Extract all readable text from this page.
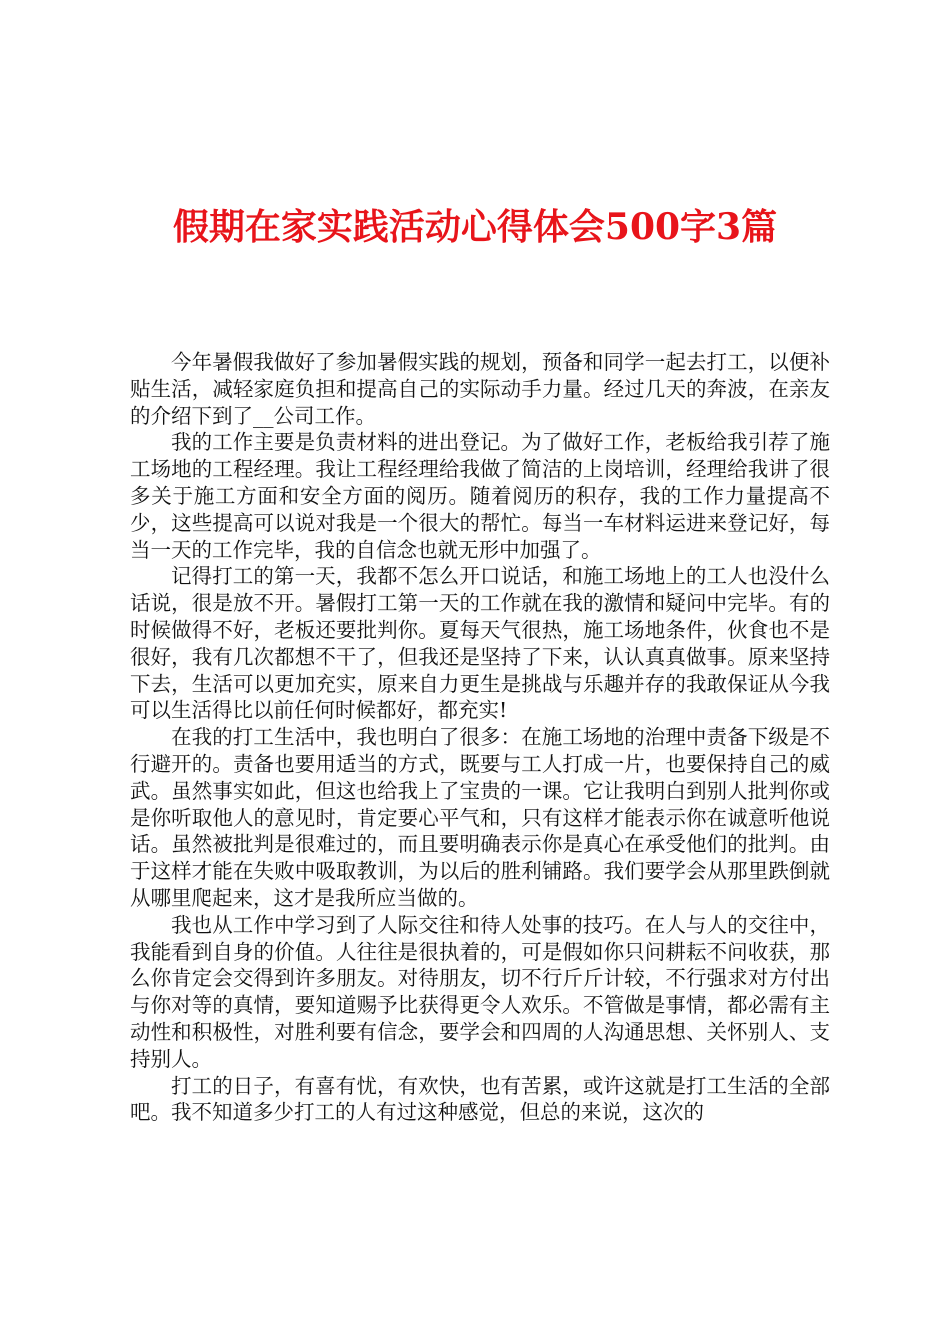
假期在家实践活动心得体会500字3篇

今年暑假我做好了参加暑假实践的规划，预备和同学一起去打工，以便补贴生活，减轻家庭负担和提高自己的实际动手力量。经过几天的奔波，在亲友的介绍下到了__公司工作。

我的工作主要是负责材料的进出登记。为了做好工作，老板给我引荐了施工场地的工程经理。我让工程经理给我做了简洁的上岗培训，经理给我讲了很多关于施工方面和安全方面的阅历。随着阅历的积存，我的工作力量提高不少，这些提高可以说对我是一个很大的帮忙。每当一车材料运进来登记好，每当一天的工作完毕，我的自信念也就无形中加强了。

记得打工的第一天，我都不怎么开口说话，和施工场地上的工人也没什么话说，很是放不开。暑假打工第一天的工作就在我的激情和疑问中完毕。有的时候做得不好，老板还要批判你。夏每天气很热，施工场地条件，伙食也不是很好，我有几次都想不干了，但我还是坚持了下来，认认真真做事。原来坚持下去，生活可以更加充实，原来自力更生是挑战与乐趣并存的我敢保证从今我可以生活得比以前任何时候都好，都充实!

在我的打工生活中，我也明白了很多：在施工场地的治理中责备下级是不行避开的。责备也要用适当的方式，既要与工人打成一片，也要保持自己的威武。虽然事实如此，但这也给我上了宝贵的一课。它让我明白到别人批判你或是你听取他人的意见时，肯定要心平气和，只有这样才能表示你在诚意听他说话。虽然被批判是很难过的，而且要明确表示你是真心在承受他们的批判。由于这样才能在失败中吸取教训，为以后的胜利铺路。我们要学会从那里跌倒就从哪里爬起来，这才是我所应当做的。

我也从工作中学习到了人际交往和待人处事的技巧。在人与人的交往中，我能看到自身的价值。人往往是很执着的，可是假如你只问耕耘不问收获，那么你肯定会交得到许多朋友。对待朋友，切不行斤斤计较，不行强求对方付出与你对等的真情，要知道赐予比获得更令人欢乐。不管做是事情，都必需有主动性和积极性，对胜利要有信念，要学会和四周的人沟通思想、关怀别人、支持别人。

打工的日子，有喜有忧，有欢快，也有苦累，或许这就是打工生活的全部吧。我不知道多少打工的人有过这种感觉，但总的来说，这次的
